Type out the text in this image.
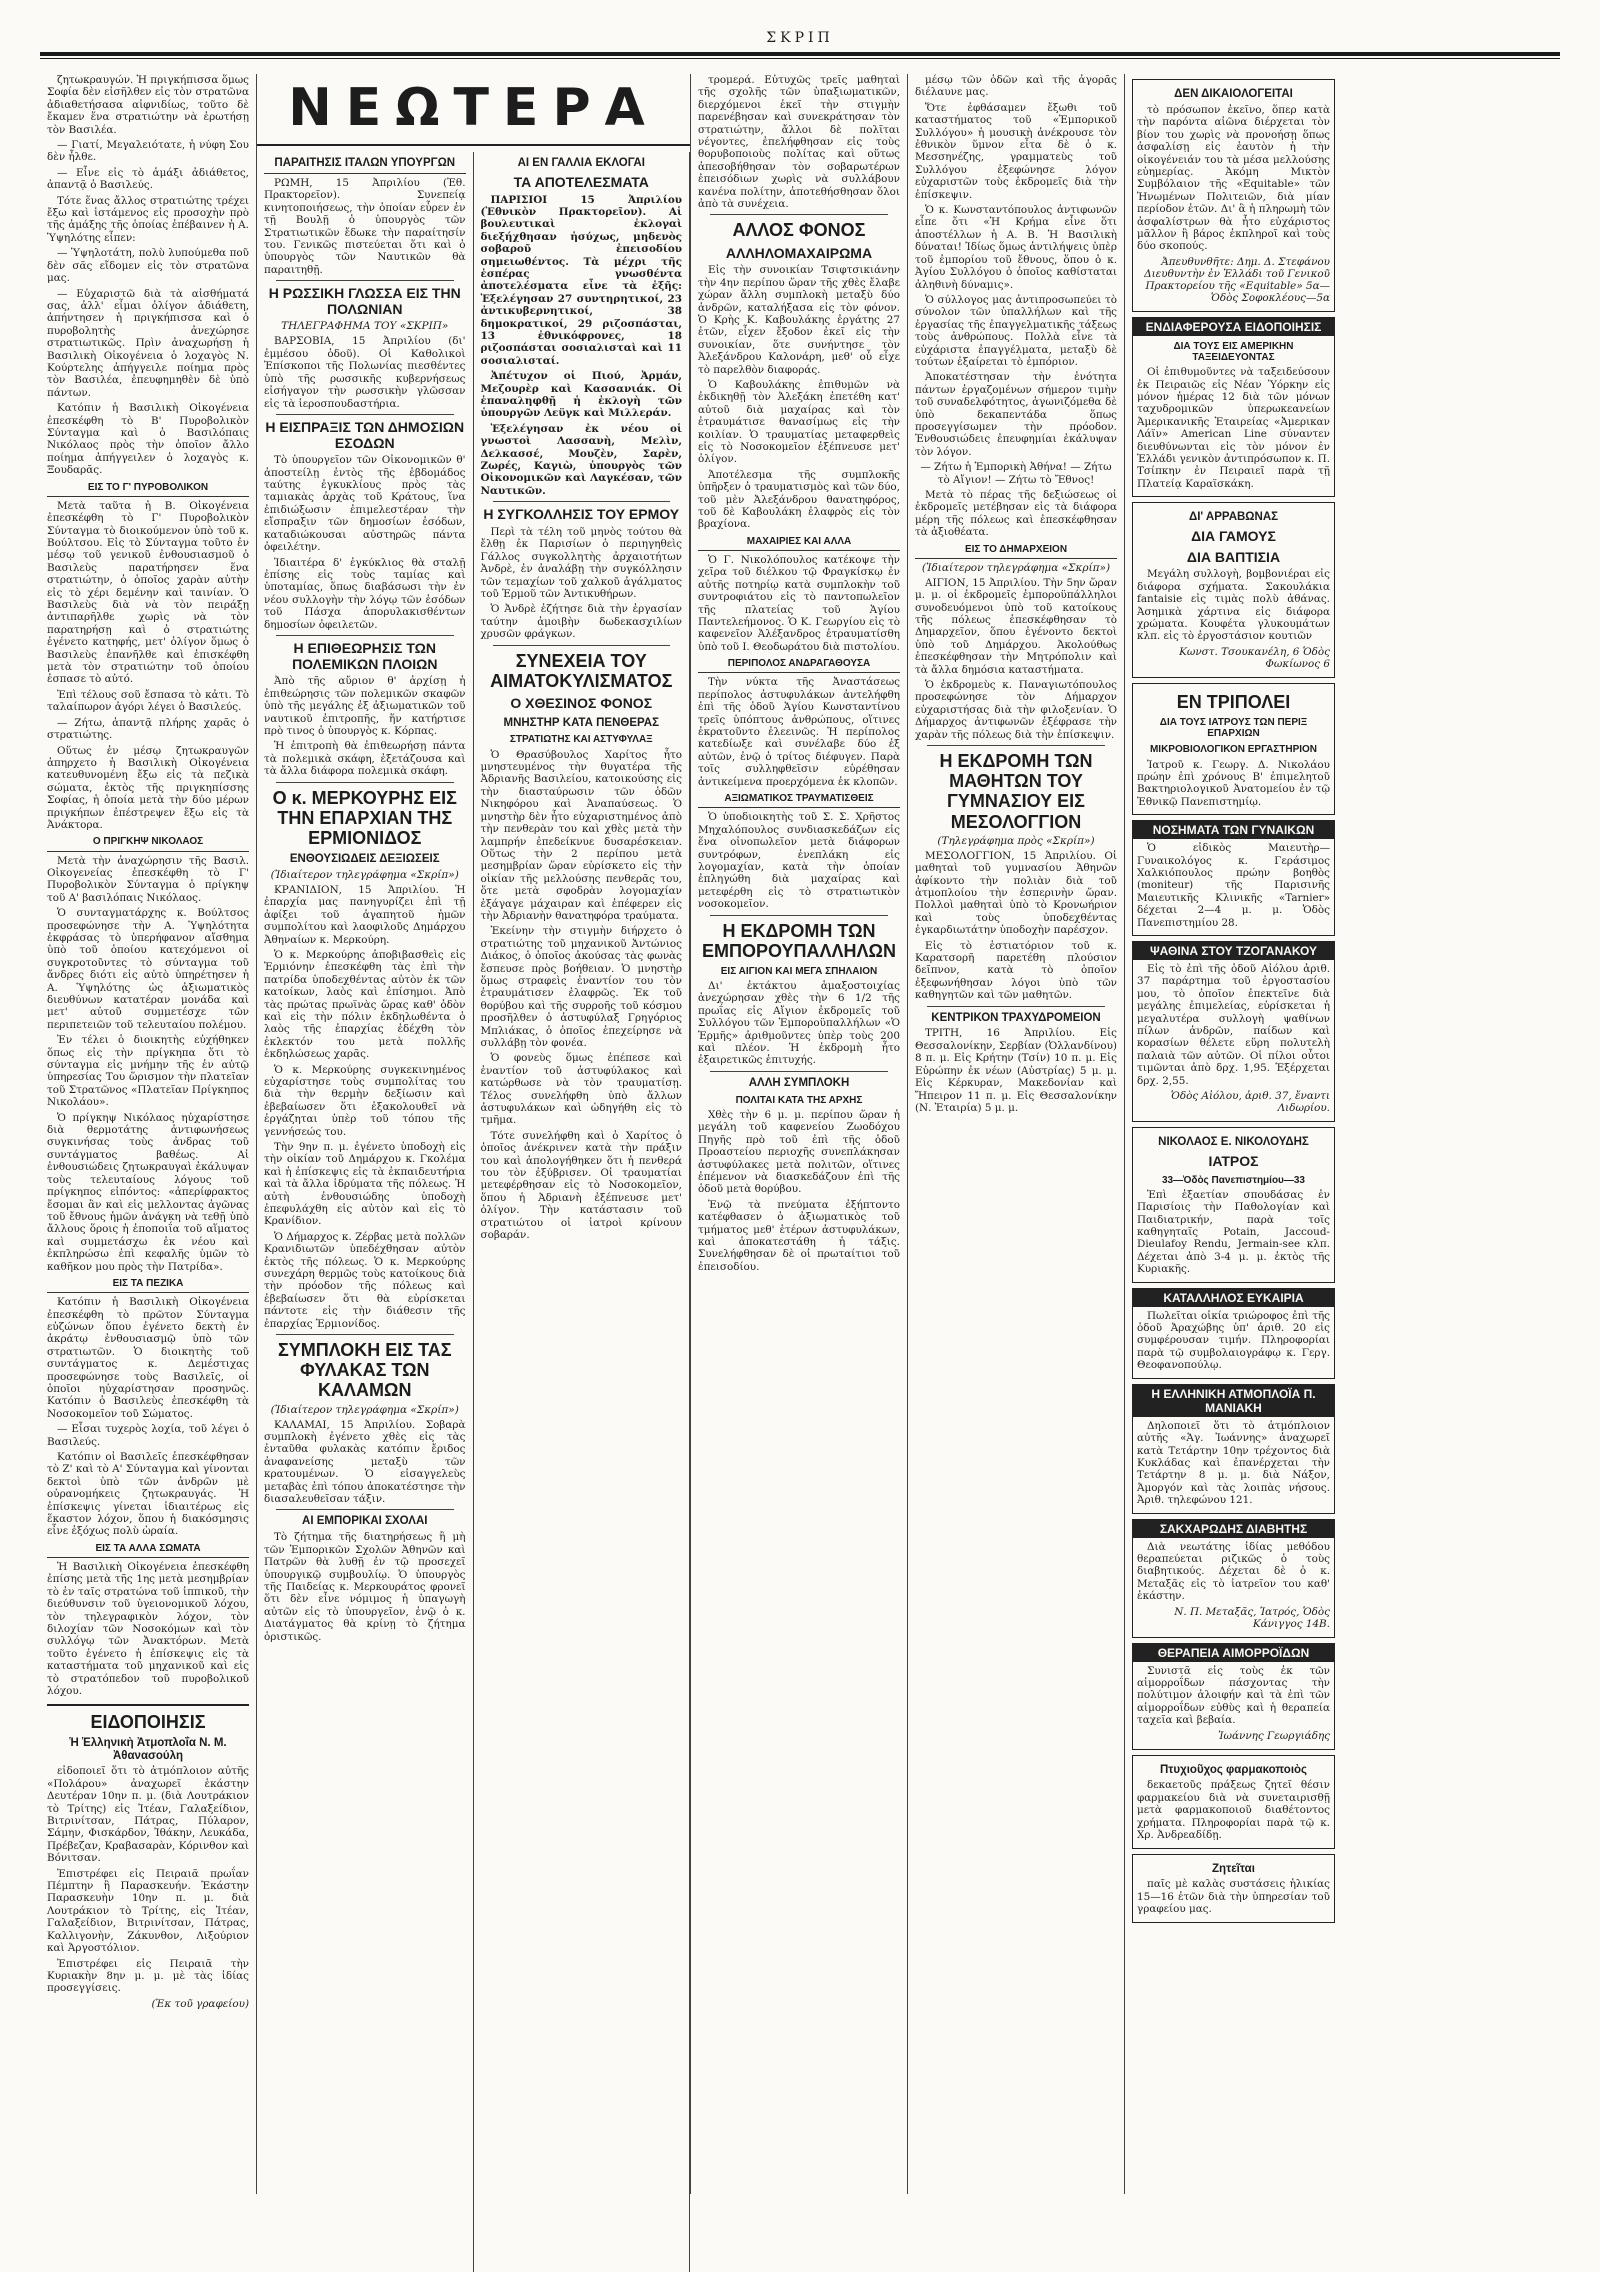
ΣΚΡΙΠ

ζητωκραυγών. Ἡ πριγκήπισσα ὅμως Σοφία δὲν εἰσῆλθεν εἰς τὸν στρατῶνα ἀδιαθετήσασα αἰφνιδίως, τοῦτο δὲ ἔκαμεν ἕνα στρατιώτην νὰ ἐρωτήσῃ τὸν Βασιλέα.

— Γιατί, Μεγαλειότατε, ἡ νύφη Σου δὲν ἦλθε.

— Εἶνε εἰς τὸ ἁμάξι ἀδιάθετος, ἀπαντᾷ ὁ Βασιλεύς.

Τότε ἕνας ἄλλος στρατιώτης τρέχει ἔξω καὶ ἱστάμενος εἰς προσοχὴν πρὸ τῆς ἁμάξης τῆς ὁποίας ἐπέβαινεν ἡ Α. Ὑψηλότης εἶπεν:

— Ὑψηλοτάτη, πολὺ λυπούμεθα ποῦ δὲν σᾶς εἴδομεν εἰς τὸν στρατῶνα μας.

— Εὐχαριστῶ διὰ τὰ αἰσθήματά σας, ἀλλ' εἶμαι ὀλίγον ἀδιάθετη, ἀπήντησεν ἡ πριγκήπισσα καὶ ὁ πυροβολητὴς ἀνεχώρησε στρατιωτικῶς. Πρὶν ἀναχωρήσῃ ἡ Βασιλικὴ Οἰκογένεια ὁ λοχαγὸς Ν. Κούρτελης ἀπήγγειλε ποίημα πρὸς τὸν Βασιλέα, ἐπευφημηθὲν δὲ ὑπὸ πάντων.

Κατόπιν ἡ Βασιλικὴ Οἰκογένεια ἐπεσκέφθη τὸ Β' Πυροβολικὸν Σύνταγμα καὶ ὁ Βασιλόπαις Νικόλαος πρὸς τὴν ὁποῖον ἄλλο ποίημα ἀπήγγειλεν ὁ λοχαγὸς κ. Ξουδαρᾶς.

ΕΙΣ ΤΟ Γ' ΠΥΡΟΒΟΛΙΚΟΝ

Μετὰ ταῦτα ἡ Β. Οἰκογένεια ἐπεσκέφθη τὸ Γ' Πυροβολικὸν Σύνταγμα τὸ διοικούμενον ὑπὸ τοῦ κ. Βούλτσου. Εἰς τὸ Σύνταγμα τοῦτο ἐν μέσῳ τοῦ γενικοῦ ἐνθουσιασμοῦ ὁ Βασιλεὺς παρατήρησεν ἕνα στρατιώτην, ὁ ὁποῖος χαρὰν αὐτὴν εἰς τὸ χέρι δεμένην καὶ ταινίαν. Ὁ Βασιλεὺς διὰ νὰ τὸν πειράξῃ ἀντιπαρῆλθε χωρὶς νὰ τὸν παρατηρήσῃ καὶ ὁ στρατιώτης ἐγένετο κατηφής, μετ' ὀλίγον ὅμως ὁ Βασιλεὺς ἐπανῆλθε καὶ ἐπισκέφθη μετὰ τὸν στρατιώτην τοῦ ὁποίου ἐσπασε τὸ αὐτό.

Ἐπὶ τέλους σοῦ ἔσπασα τὸ κἀτι. Τὸ ταλαίπωρον ἀγόρι λέγει ὁ Βασιλεύς.

— Ζήτω, ἀπαντᾷ πλήρης χαρᾶς ὁ στρατιώτης.

Οὕτως ἐν μέσῳ ζητωκραυγῶν ἀπηρχετο ἡ Βασιλικὴ Οἰκογένεια κατευθυνομένη ἔξω εἰς τὰ πεζικὰ σώματα, ἐκτὸς τῆς πριγκηπίσσης Σοφίας, ἡ ὁποία μετὰ τὴν δύο μέρων πριγκήπων ἐπέστρεψεν ἔξω εἰς τὰ Ἀνάκτορα.

Ο ΠΡΙΓΚΗΨ ΝΙΚΟΛΑΟΣ

Μετὰ τὴν ἀναχώρησιν τῆς Βασιλ. Οἰκογενείας ἐπεσκέφθη τὸ Γ' Πυροβολικὸν Σύνταγμα ὁ πρίγκηψ τοῦ Α' βασιλόπαις Νικόλαος.

Ὁ συνταγματάρχης κ. Βούλτσος προσεφώνησε τὴν Α. Ὑψηλότητα ἐκφράσας τὸ ὑπερήφανον αἴσθημα ὑπὸ τοῦ ὁποίου κατεχόμενοι οἱ συγκροτοῦντες τὸ σύνταγμα τοῦ ἄνδρες διότι εἰς αὐτὸ ὑπηρέτησεν ἡ Α. Ὑψηλότης ὡς ἀξιωματικὸς διευθύνων κατατέραν μονάδα καὶ μετ' αὐτοῦ συμμετέσχε τῶν περιπετειῶν τοῦ τελευταίου πολέμου.

Ἐν τέλει ὁ διοικητὴς εὐχήθηκεν ὅπως εἰς τὴν πρίγκηπα ὅτι τὸ σύνταγμα εἰς μνήμην τῆς ἐν αὐτῷ ὑπηρεσίας Του ὥρισμον τὴν πλατεῖαν τοῦ Στρατῶνος «Πλατεῖαν Πρίγκηπος Νικολάου».

Ὁ πρίγκηψ Νικόλαος ηὐχαρίστησε διὰ θερμοτάτης ἀντιφωνήσεως συγκινήσας τοὺς ἀνδρας τοῦ συντάγματος βαθέως. Αἱ ἐνθουσιώδεις ζητωκραυγαὶ ἐκάλυψαν τοὺς τελευταίους λόγους τοῦ πρίγκηπος εἰπόντος: «ἀπερίφρακτος ἔσομαι ἂν καὶ εἰς μελλοντας ἀγῶνας τοῦ ἔθνους ἡμῶν ἀνάγκη νὰ τεθῇ ὑπὸ ἄλλους ὅροις ἡ ἐποποιΐα τοῦ αἵματος καὶ συμμετάσχω ἐκ νέου καὶ ἐκπληρώσω ἐπὶ κεφαλῆς ὑμῶν τὸ καθῆκον μου πρὸς τὴν Πατρίδα».

ΕΙΣ ΤΑ ΠΕΖΙΚΑ

Κατόπιν ἡ Βασιλικὴ Οἰκογένεια ἐπεσκέφθη τὸ πρῶτον Σύνταγμα εὐζώνων ὅπου ἐγένετο δεκτὴ ἐν ἀκράτῳ ἐνθουσιασμῷ ὑπὸ τῶν στρατιωτῶν. Ὁ διοικητὴς τοῦ συντάγματος κ. Δεμέστιχας προσεφώνησε τοὺς Βασιλεῖς, οἱ ὁποῖοι ηὐχαρίστησαν προσηνῶς. Κατόπιν ὁ Βασιλεὺς ἐπεσκέφθη τὰ Νοσοκομεῖον τοῦ Σώματος.

— Εἶσαι τυχερὸς λοχία, τοῦ λέγει ὁ Βασιλεύς.

Κατόπιν οἱ Βασιλεῖς ἐπεσκέφθησαν τὸ Ζ' καὶ τὸ Α' Σύνταγμα καὶ γίνονται δεκτοὶ ὑπὸ τῶν ἀνδρῶν μὲ οὐρανομήκεις ζητωκραυγάς. Ἡ ἐπίσκεψις γίνεται ἰδιαιτέρως εἰς ἕκαστον λόχον, ὅπου ἡ διακόσμησις εἶνε ἐξόχως πολὺ ὡραία.

ΕΙΣ ΤΑ ΑΛΛΑ ΣΩΜΑΤΑ

Ἡ Βασιλικὴ Οἰκογένεια ἐπεσκέφθη ἐπίσης μετὰ τῆς 1ης μετὰ μεσημβρίαν τὸ ἐν ταῖς στρατώνα τοῦ ἱππικοῦ, τὴν διεύθυνσιν τοῦ ὑγειονομικοῦ λόχου, τὸν τηλεγραφικὸν λόχον, τὸν διλοχίαν τῶν Νοσοκόμων καὶ τὸν συλλόγῳ τῶν Ἀνακτόρων. Μετὰ τοῦτο ἐγένετο ἡ ἐπίσκεψις εἰς τὰ καταστήματα τοῦ μηχανικοῦ καὶ εἰς τὸ στρατόπεδον τοῦ πυροβολικοῦ λόχου.

ΕΙΔΟΠΟΙΗΣΙΣ
Ἡ Ἑλληνικὴ Ἀτμοπλοΐα Ν. Μ. Ἀθανασούλη

εἰδοποιεῖ ὅτι τὸ ἀτμόπλοιον αὐτῆς «Πολάρου» ἀναχωρεῖ ἑκάστην Δευτέραν 10ην π. μ. (διὰ Λουτράκιον τὸ Τρίτης) εἰς Ἰτέαν, Γαλαξείδιον, Βιτρινίτσαν, Πάτρας, Πύλαρον, Σάμην, Φισκάρδον, Ἰθάκην, Λευκάδα, Πρέβεζαν, Κραβασαρὰν, Κόρινθον καὶ Βόνιτσαν.

Ἐπιστρέφει εἰς Πειραιᾶ πρωΐαν Πέμπτην ἢ Παρασκευήν. Ἐκάστην Παρασκευὴν 10ην π. μ. διὰ Λουτράκιον τὸ Τρίτης, εἰς Ἰτέαν, Γαλαξείδιον, Βιτρινίτσαν, Πάτρας, Καλλιγονὴν, Ζάκυνθον, Λιξούριον καὶ Ἀργοστόλιον.

Ἐπιστρέφει εἰς Πειραιᾶ τὴν Κυριακὴν 8ην μ. μ. μὲ τὰς ἰδίας προσεγγίσεις.

(Ἐκ τοῦ γραφείου)
ΝΕΩΤΕΡΑ
ΠΑΡΑΙΤΗΣΙΣ ΙΤΑΛΩΝ ΥΠΟΥΡΓΩΝ

ΡΩΜΗ, 15 Ἀπριλίου (Ἐθ. Πρακτορεῖον). Συνεπείᾳ κινητοποιήσεως, τὴν ὁποίαν εὗρεν ἐν τῇ Βουλῇ ὁ ὑπουργὸς τῶν Στρατιωτικῶν ἔδωκε τὴν παραίτησίν του. Γενικῶς πιστεύεται ὅτι καὶ ὁ ὑπουργὸς τῶν Ναυτικῶν θὰ παραιτηθῇ.

Η ΡΩΣΣΙΚΗ ΓΛΩΣΣΑ ΕΙΣ ΤΗΝ ΠΟΛΩΝΙΑΝ
ΤΗΛΕΓΡΑΦΗΜΑ ΤΟΥ «ΣΚΡΙΠ»

ΒΑΡΣΟΒΙΑ, 15 Ἀπριλίου (δι' ἐμμέσου ὁδοῦ). Οἱ Καθολικοὶ Ἐπίσκοποι τῆς Πολωνίας πιεσθέντες ὑπὸ τῆς ρωσσικῆς κυβερνήσεως εἰσήγαγον τὴν ρωσσικὴν γλῶσσαν εἰς τὰ ἱεροσπουδαστήρια.

Η ΕΙΣΠΡΑΞΙΣ ΤΩΝ ΔΗΜΟΣΙΩΝ ΕΣΟΔΩΝ

Τὸ ὑπουργεῖον τῶν Οἰκονομικῶν θ' ἀποστείλῃ ἐντὸς τῆς ἑβδομάδος ταύτης ἐγκυκλίους πρὸς τὰς ταμιακὰς ἀρχὰς τοῦ Κράτους, ἵνα ἐπιδιώξωσιν ἐπιμελεστέραν τὴν εἴσπραξιν τῶν δημοσίων ἐσόδων, καταδιώκουσαι αὐστηρῶς πάντα ὀφειλέτην.

Ἰδιαιτέρα δ' ἐγκύκλιος θὰ σταλῇ ἐπίσης εἰς τοὺς ταμίας καὶ ὑποταμίας, ὅπως διαβάσωσι τὴν ἐν νέου συλλογὴν τὴν λόγῳ τῶν ἐσόδων τοῦ Πάσχα ἀπορυλακισθέντων δημοσίων ὀφειλετῶν.

Η ΕΠΙΘΕΩΡΗΣΙΣ ΤΩΝ ΠΟΛΕΜΙΚΩΝ ΠΛΟΙΩΝ

Ἀπὸ τῆς αὔριον θ' ἀρχίσῃ ἡ ἐπιθεώρησις τῶν πολεμικῶν σκαφῶν ὑπὸ τῆς μεγάλης ἐξ ἀξιωματικῶν τοῦ ναυτικοῦ ἐπιτροπῆς, ἥν κατήρτισε πρὸ τινος ὁ ὑπουργὸς κ. Κόρπας.

Ἡ ἐπιτροπὴ θὰ ἐπιθεωρήσῃ πάντα τὰ πολεμικὰ σκάφη, ἐξετάζουσα καὶ τὰ ἄλλα διάφορα πολεμικὰ σκάφη.

Ο κ. ΜΕΡΚΟΥΡΗΣ ΕΙΣ ΤΗΝ ΕΠΑΡΧΙΑΝ ΤΗΣ ΕΡΜΙΟΝΙΔΟΣ
ΕΝΘΟΥΣΙΩΔΕΙΣ ΔΕΞΙΩΣΕΙΣ
(Ἰδιαίτερον τηλεγράφημα «Σκρίπ»)

ΚΡΑΝΙΔΙΟΝ, 15 Ἀπριλίου. Ἡ ἐπαρχία μας πανηγυρίζει ἐπὶ τῇ ἀφίξει τοῦ ἀγαπητοῦ ἡμῶν συμπολίτου καὶ λαοφιλοῦς Δημάρχου Ἀθηναίων κ. Μερκούρη.

Ὁ κ. Μερκούρης ἀποβιβασθεὶς εἰς Ἑρμιόνην ἐπεσκέφθη τὰς ἐπὶ τὴν πατρίδα ὑποδεχθέντας αὐτὸν ἐκ τῶν κατοίκων, λαὸς καὶ ἐπίσημοι. Ἀπὸ τὰς πρώτας πρωϊνὰς ὥρας καθ' ὁδὸν καὶ εἰς τὴν πόλιν ἐκδηλωθέντα ὁ λαὸς τῆς ἐπαρχίας ἐδέχθη τὸν ἐκλεκτόν του μετὰ πολλῆς ἐκδηλώσεως χαρᾶς.

Ὁ κ. Μερκούρης συγκεκινημένος εὐχαρίστησε τοὺς συμπολίτας του διὰ τὴν θερμὴν δεξίωσιν καὶ ἐβεβαίωσεν ὅτι ἐξακολουθεῖ νὰ ἐργάζηται ὑπὲρ τοῦ τόπου τῆς γεννήσεώς του.

Τὴν 9ην π. μ. ἐγένετο ὑποδοχὴ εἰς τὴν οἰκίαν τοῦ Δημάρχου κ. Γκολέμα καὶ ἡ ἐπίσκεψις εἰς τὰ ἐκπαιδευτήρια καὶ τὰ ἄλλα ἱδρύματα τῆς πόλεως. Ἡ αὐτὴ ἐνθουσιώδης ὑποδοχὴ ἐπεφυλάχθη εἰς αὐτὸν καὶ εἰς τὸ Κρανίδιον.

Ὁ Δήμαρχος κ. Ζέρβας μετὰ πολλῶν Κρανιδιωτῶν ὑπεδέχθησαν αὐτὸν ἐκτὸς τῆς πόλεως. Ὁ κ. Μερκούρης συνεχάρη θερμῶς τοὺς κατοίκους διὰ τὴν πρόοδον τῆς πόλεως καὶ ἐβεβαίωσεν ὅτι θὰ εὑρίσκεται πάντοτε εἰς τὴν διάθεσιν τῆς ἐπαρχίας Ἑρμιονίδος.

ΣΥΜΠΛΟΚΗ ΕΙΣ ΤΑΣ ΦΥΛΑΚΑΣ ΤΩΝ ΚΑΛΑΜΩΝ
(Ἰδιαίτερον τηλεγράφημα «Σκρίπ»)

ΚΑΛΑΜΑΙ, 15 Ἀπριλίου. Σοβαρὰ συμπλοκὴ ἐγένετο χθὲς εἰς τὰς ἐνταῦθα φυλακὰς κατόπιν ἔριδος ἀναφανείσης μεταξὺ τῶν κρατουμένων. Ὁ εἰσαγγελεὺς μεταβὰς ἐπὶ τόπου ἀποκατέστησε τὴν διασαλευθεῖσαν τάξιν.

ΑΙ ΕΜΠΟΡΙΚΑΙ ΣΧΟΛΑΙ

Τὸ ζήτημα τῆς διατηρήσεως ἢ μὴ τῶν Ἐμπορικῶν Σχολῶν Ἀθηνῶν καὶ Πατρῶν θὰ λυθῇ ἐν τῷ προσεχεῖ ὑπουργικῷ συμβουλίῳ. Ὁ ὑπουργὸς τῆς Παιδείας κ. Μερκουράτος φρονεῖ ὅτι δὲν εἶνε νόμιμος ἡ ὑπαγωγὴ αὐτῶν εἰς τὸ ὑπουργεῖον, ἐνῷ ὁ κ. Διατάγματος θὰ κρίνῃ τὸ ζήτημα ὁριστικῶς.

ΑΙ ΕΝ ΓΑΛΛΙΑ ΕΚΛΟΓΑΙ
ΤΑ ΑΠΟΤΕΛΕΣΜΑΤΑ

ΠΑΡΙΣΙΟΙ 15 Ἀπριλίου (Ἐθνικὸν Πρακτορεῖον). Αἱ βουλευτικαὶ ἐκλογαὶ διεξήχθησαν ἡσύχως, μηδενὸς σοβαροῦ ἐπεισοδίου σημειωθέντος. Τὰ μέχρι τῆς ἑσπέρας γνωσθέντα ἀποτελέσματα εἶνε τὰ ἑξῆς: Ἐξελέγησαν 27 συντηρητικοί, 23 ἀντικυβερνητικοί, 38 δημοκρατικοί, 29 ριζοσπάσται, 13 ἐθνικόφρονες, 18 ριζοσπάσται σοσιαλισταὶ καὶ 11 σοσιαλισταί.

Ἀπέτυχον οἱ Πιού, Ἀρμάν, Μεζουρὲρ καὶ Κασσανιάκ. Οἱ ἐπαναληφθῇ ἡ ἐκλογὴ τῶν ὑπουργῶν Λεϋγκ καὶ Μιλλεράν.

Ἐξελέγησαν ἐκ νέου οἱ γνωστοὶ Λασσανὴ, Μελὶν, Δελκασσέ, Μουζὲν, Σαρὲν, Ζωρές, Καγιὼ, ὑπουργὸς τῶν Οἰκονομικῶν καὶ Λαγκέσαν, τῶν Ναυτικῶν.

Η ΣΥΓΚΟΛΛΗΣΙΣ ΤΟΥ ΕΡΜΟΥ

Περὶ τὰ τέλη τοῦ μηνὸς τούτου θὰ ἔλθῃ ἐκ Παρισίων ὁ περιηγηθεὶς Γάλλος συγκολλητὴς ἀρχαιοτήτων Ἀνδρὲ, ἐν ἀναλάβῃ τὴν συγκόλλησιν τῶν τεμαχίων τοῦ χαλκοῦ ἀγάλματος τοῦ Ἑρμοῦ τῶν Ἀντικυθήρων.

Ὁ Ἀνδρὲ ἐζήτησε διὰ τὴν ἐργασίαν ταύτην ἀμοιβὴν δωδεκασχιλίων χρυσῶν φράγκων.

ΣΥΝΕΧΕΙΑ ΤΟΥ ΑΙΜΑΤΟΚΥΛΙΣΜΑΤΟΣ
Ο ΧΘΕΣΙΝΟΣ ΦΟΝΟΣ
ΜΝΗΣΤΗΡ ΚΑΤΑ ΠΕΝΘΕΡΑΣ
ΣΤΡΑΤΙΩΤΗΣ ΚΑΙ ΑΣΤΥΦΥΛΑΞ

Ὁ Θρασύβουλος Χαρίτος ἦτο μνηστευμένος τὴν θυγατέρα τῆς Ἀδριανῆς Βασιλείου, κατοικούσης εἰς τὴν διασταύρωσιν τῶν ὁδῶν Νικηφόρου καὶ Ἀναπαύσεως. Ὁ μνηστὴρ δὲν ἦτο εὐχαριστημένος ἀπὸ τὴν πενθερὰν του καὶ χθὲς μετὰ τὴν λαμπρήν ἐπεδείκνυε δυσαρέσκειαν. Οὕτως τὴν 2 περίπου μετὰ μεσημβρίαν ὥραν εὑρίσκετο εἰς τὴν οἰκίαν τῆς μελλούσης πενθερᾶς του, ὅτε μετὰ σφοδρὰν λογομαχίαν ἐξάγαγε μάχαιραν καὶ ἐπέφερεν εἰς τὴν Ἀδριανὴν θανατηφόρα τραύματα.

Ἐκείνην τὴν στιγμὴν διήρχετο ὁ στρατιώτης τοῦ μηχανικοῦ Ἀντώνιος Διάκος, ὁ ὁποῖος ἀκούσας τὰς φωνὰς ἔσπευσε πρὸς βοήθειαν. Ὁ μνηστὴρ ὅμως στραφεὶς ἐναντίον του τὸν ἐτραυμάτισεν ἐλαφρῶς. Ἐκ τοῦ θορύβου καὶ τῆς συρροῆς τοῦ κόσμου προσῆλθεν ὁ ἀστυφύλαξ Γρηγόριος Μπλιάκας, ὁ ὁποῖος ἐπεχείρησε νὰ συλλάβῃ τὸν φονέα.

Ὁ φονεὺς ὅμως ἐπέπεσε καὶ ἐναντίον τοῦ ἀστυφύλακος καὶ κατώρθωσε νὰ τὸν τραυματίσῃ. Τέλος συνελήφθη ὑπὸ ἄλλων ἀστυφυλάκων καὶ ὡδηγήθη εἰς τὸ τμῆμα.

Τότε συνελήφθη καὶ ὁ Χαρίτος ὁ ὁποῖος ἀνέκρινεν κατὰ τὴν πράξιν του καὶ ἀπολογήθηκεν ὅτι ἡ πενθερά του τὸν ἐξύβρισεν. Οἱ τραυματίαι μετεφέρθησαν εἰς τὸ Νοσοκομεῖον, ὅπου ἡ Ἀδριανὴ ἐξέπνευσε μετ' ὀλίγον. Τὴν κατάστασιν τοῦ στρατιώτου οἱ ἰατροὶ κρίνουν σοβαράν.

τρομερά. Εὐτυχῶς τρεῖς μαθηταὶ τῆς σχολῆς τῶν ὑπαξιωματικῶν, διερχόμενοι ἐκεῖ τὴν στιγμὴν παρενέβησαν καὶ συνεκράτησαν τὸν στρατιώτην, ἄλλοι δὲ πολῖται νέγοντες, ἐπελήφθησαν εἰς τοὺς θορυβοποιοὺς πολίτας καὶ οὕτως ἀπεσοβήθησαν τὸν σοβαρωτέρων ἐπεισόδιων χωρὶς νὰ συλλάβουν κανένα πολίτην, ἀποτεθήσθησαν ὅλοι ἀπὸ τὰ συνέχεια.

ΑΛΛΟΣ ΦΟΝΟΣ
ΑΛΛΗΛΟΜΑΧΑΙΡΩΜΑ

Εἰς τὴν συνοικίαν Τσιφτσικιάνην τὴν 4ην περίπου ὥραν τῆς χθὲς ἔλαβε χώραν ἄλλη συμπλοκὴ μεταξὺ δύο ἀνδρῶν, καταλήξασα εἰς τὸν φόνον. Ὁ Κρὴς Κ. Καβουλάκης ἐργάτης 27 ἐτῶν, εἶχεν ἔξοδον ἐκεῖ εἰς τὴν συνοικίαν, ὅτε συνήντησε τὸν Ἀλεξάνδρου Καλονάρη, μεθ' οὗ εἶχε τὸ παρελθὸν διαφοράς.

Ὁ Καβουλάκης ἐπιθυμῶν νὰ ἐκδικηθῇ τὸν Ἀλεξάκη ἐπετέθη κατ' αὐτοῦ διὰ μαχαίρας καὶ τὸν ἐτραυμάτισε θανασίμως εἰς τὴν κοιλίαν. Ὁ τραυματίας μεταφερθεὶς εἰς τὸ Νοσοκομεῖον ἐξέπνευσε μετ' ὀλίγον.

Ἀποτέλεσμα τῆς συμπλοκῆς ὑπῆρξεν ὁ τραυματισμὸς καὶ τῶν δύο, τοῦ μὲν Ἀλεξάνδρου θανατηφόρος, τοῦ δὲ Καβουλάκη ἐλαφρὸς εἰς τὸν βραχίονα.

ΜΑΧΑΙΡΙΕΣ ΚΑΙ ΑΛΛΑ

Ὁ Γ. Νικολόπουλος κατέκοψε τὴν χεῖρα τοῦ διέλκου τῷ Φραγκίσκῳ ἐν αὐτῆς ποτηρίῳ κατὰ συμπλοκὴν τοῦ συντροφιάτου εἰς τὸ παντοπωλεῖον τῆς πλατείας τοῦ Ἁγίου Παντελεήμονος. Ὁ Κ. Γεωργίου εἰς τὸ καφενεῖον Ἀλέξανδρος ἐτραυματίσθη ὑπὸ τοῦ Ι. Θεοδωράτου διὰ πιστολίου.

ΠΕΡΙΠΟΛΟΣ ΑΝΔΡΑΓΑΘΟΥΣΑ

Τὴν νύκτα τῆς Ἀναστάσεως περίπολος ἀστυφυλάκων ἀντελήφθη ἐπὶ τῆς ὁδοῦ Ἁγίου Κωνσταντίνου τρεῖς ὑπόπτους ἀνθρώπους, οἵτινες ἐκρατοῦντο ἐλεεινῶς. Ἡ περίπολος κατεδίωξε καὶ συνέλαβε δύο ἐξ αὐτῶν, ἐνῷ ὁ τρίτος διέφυγεν. Παρὰ τοῖς συλληφθεῖσιν εὑρέθησαν ἀντικείμενα προερχόμενα ἐκ κλοπῶν.

ΑΞΙΩΜΑΤΙΚΟΣ ΤΡΑΥΜΑΤΙΣΘΕΙΣ

Ὁ ὑποδιοικητὴς τοῦ Σ. Σ. Χρῆστος Μηχαλόπουλος συνδιασκεδάζων εἰς ἕνα οἰνοπωλεῖον μετὰ διάφορων συντρόφων, ἐνεπλάκη εἰς λογομαχίαν, κατὰ τὴν ὁποίαν ἐπληγώθη διὰ μαχαίρας καὶ μετεφέρθη εἰς τὸ στρατιωτικὸν νοσοκομεῖον.

Η ΕΚΔΡΟΜΗ ΤΩΝ ΕΜΠΟΡΟΥΠΑΛΛΗΛΩΝ
ΕΙΣ ΑΙΓΙΟΝ ΚΑΙ ΜΕΓΑ ΣΠΗΛΑΙΟΝ

Δι' ἐκτάκτου ἁμαξοστοιχίας ἀνεχώρησαν χθὲς τὴν 6 1/2 τῆς πρωΐας εἰς Αἴγιον ἐκδρομεῖς τοῦ Συλλόγου τῶν Ἐμποροϋπαλλήλων «Ὁ Ἑρμῆς» ἀριθμοῦντες ὑπὲρ τοὺς 200 καὶ πλέον. Ἡ ἐκδρομὴ ἦτο ἐξαιρετικῶς ἐπιτυχής.

ΑΛΛΗ ΣΥΜΠΛΟΚΗ
ΠΟΛΙΤΑΙ ΚΑΤΑ ΤΗΣ ΑΡΧΗΣ

Χθὲς τὴν 6 μ. μ. περίπου ὥραν ἡ μεγάλη τοῦ καφενείου Ζωοδόχου Πηγῆς πρὸ τοῦ ἐπὶ τῆς ὁδοῦ Προαστείου περιοχῆς συνεπλάκησαν ἀστυφύλακες μετὰ πολιτῶν, οἵτινες ἐπέμενον νὰ διασκεδάζουν ἐπὶ τῆς ὁδοῦ μετὰ θορύβου.

Ἐνῷ τὰ πνεύματα ἐξήπτοντο κατέφθασεν ὁ ἀξιωματικὸς τοῦ τμήματος μεθ' ἑτέρων ἀστυφυλάκων, καὶ ἀποκατεστάθη ἡ τάξις. Συνελήφθησαν δὲ οἱ πρωταίτιοι τοῦ ἐπεισοδίου.

μέσῳ τῶν ὁδῶν καὶ τῆς ἀγορᾶς διέλαυνε μας.

Ὅτε ἐφθάσαμεν ἔξωθι τοῦ καταστήματος τοῦ «Ἐμπορικοῦ Συλλόγου» ἡ μουσικὴ ἀνέκρουσε τὸν ἐθνικὸν ὕμνον εἶτα δὲ ὁ κ. Μεσσηνέζης, γραμματεὺς τοῦ Συλλόγου ἐξεφώνησε λόγον εὐχαριστῶν τοὺς ἐκδρομεῖς διὰ τὴν ἐπίσκεψιν.

Ὁ κ. Κωνσταντόπουλος ἀντιφωνῶν εἶπε ὅτι «Ἡ Κρήμα εἶνε ὅτι ἀποστέλλων ἡ Α. Β. Ἡ Βασιλικὴ δύναται! Ἰδίως ὅμως ἀντιλήψεις ὑπὲρ τοῦ ἐμπορίου τοῦ ἔθνους, ὅπου ὁ κ. Ἀγίου Συλλόγου ὁ ὁποῖος καθίσταται ἀληθινὴ δύναμις».

Ὁ σύλλογος μας ἀντιπροσωπεύει τὸ σύνολον τῶν ὑπαλλήλων καὶ τῆς ἐργασίας τῆς ἐπαγγελματικῆς τάξεως τοὺς ἀνθρώπους. Πολλὰ εἶνε τὰ εὐχάριστα ἐπαγγέλματα, μεταξὺ δὲ τούτων ἐξαίρεται τὸ ἐμπόριον.

Ἀποκατέστησαν τὴν ἑνότητα πάντων ἐργαζομένων σήμερον τιμὴν τοῦ συναδελφότητος, ἀγωνιζόμεθα δὲ ὑπὸ δεκαπεντάδα ὅπως προσεγγίσωμεν τὴν πρόοδον. Ἐνθουσιώδεις ἐπευφημίαι ἐκάλυψαν τὸν λόγον.

— Ζήτω ἡ Ἐμπορικὴ Ἀθήνα! — Ζήτω τὸ Αἴγιον! — Ζήτω τὸ Ἔθνος!

Μετὰ τὸ πέρας τῆς δεξιώσεως οἱ ἐκδρομεῖς μετέβησαν εἰς τὰ διάφορα μέρη τῆς πόλεως καὶ ἐπεσκέφθησαν τὰ ἀξιοθέατα.

ΕΙΣ ΤΟ ΔΗΜΑΡΧΕΙΟΝ
(Ἰδιαίτερον τηλεγράφημα «Σκρίπ»)

ΑΙΓΙΟΝ, 15 Ἀπριλίου. Τὴν 5ην ὥραν μ. μ. οἱ ἐκδρομεῖς ἐμποροϋπάλληλοι συνοδευόμενοι ὑπὸ τοῦ κατοίκους τῆς πόλεως ἐπεσκέφθησαν τὸ Δημαρχεῖον, ὅπου ἐγένοντο δεκτοὶ ὑπὸ τοῦ Δημάρχου. Ἀκολούθως ἐπεσκέφθησαν τὴν Μητρόπολιν καὶ τὰ ἄλλα δημόσια καταστήματα.

Ὁ ἐκδρομεὺς κ. Παναγιωτόπουλος προσεφώνησε τὸν Δήμαρχον εὐχαριστήσας διὰ τὴν φιλοξενίαν. Ὁ Δήμαρχος ἀντιφωνῶν ἐξέφρασε τὴν χαρὰν τῆς πόλεως διὰ τὴν ἐπίσκεψιν.

Η ΕΚΔΡΟΜΗ ΤΩΝ ΜΑΘΗΤΩΝ ΤΟΥ ΓΥΜΝΑΣΙΟΥ ΕΙΣ ΜΕΣΟΛΟΓΓΙΟΝ
(Τηλεγράφημα πρὸς «Σκρίπ»)

ΜΕΣΟΛΟΓΓΙΟΝ, 15 Ἀπριλίου. Οἱ μαθηταὶ τοῦ γυμνασίου Ἀθηνῶν ἀφίκοντο τὴν πολιὰν διὰ τοῦ ἀτμοπλοίου τὴν ἐσπερινὴν ὥραν. Πολλοὶ μαθηταὶ ὑπὸ τὸ Κρονωήριον καὶ τοὺς ὑποδεχθέντας ἐγκαρδιωτάτην ὑποδοχὴν παρέσχον.

Εἰς τὸ ἑστιατόριον τοῦ κ. Καρατσορῆ παρετέθη πλούσιον δεῖπνον, κατὰ τὸ ὁποῖον ἐξεφωνήθησαν λόγοι ὑπὸ τῶν καθηγητῶν καὶ τῶν μαθητῶν.

ΚΕΝΤΡΙΚΟΝ ΤΡΑΧΥΔΡΟΜΕΙΟΝ

ΤΡΙΤΗ, 16 Ἀπριλίου. Εἰς Θεσσαλονίκην, Σερβίαν (Ὀλλανδίνου) 8 π. μ. Εἰς Κρήτην (Τσίν) 10 π. μ. Εἰς Εὐρώπην ἐκ νέων (Αὐστρίας) 5 μ. μ. Εἰς Κέρκυραν, Μακεδονίαν καὶ Ἤπειρον 11 π. μ. Εἰς Θεσσαλονίκην (Ν. Ἑταιρία) 5 μ. μ.

ΔΕΝ ΔΙΚΑΙΟΛΟΓΕΙΤΑΙ

τὸ πρόσωπον ἐκεῖνο, ὅπερ κατὰ τὴν παρόντα αἰῶνα διέρχεται τὸν βίον του χωρὶς νὰ προνοήσῃ ὅπως ἀσφαλίσῃ εἰς ἑαυτὸν ἡ τὴν οἰκογένειάν του τὰ μέσα μελλούσης εὐημερίας. Ἀκόμη Μικτὸν Συμβόλαιον τῆς «Equitable» τῶν Ἡνωμένων Πολιτειῶν, διὰ μίαν περίοδον ἐτῶν. Δι' ἃ ἡ πληρωμὴ τῶν ἀσφαλίστρων θὰ ἦτο εὐχάριστος μᾶλλον ἢ βάρος ἐκπληροῖ καὶ τοὺς δύο σκοπούς.

Ἀπευθυνθῆτε: Δημ. Δ. Στεφάνου Διευθυντὴν ἐν Ἑλλάδι τοῦ Γενικοῦ Πρακτορείου τῆς «Equitable» 5α—Ὁδὸς Σοφοκλέους—5α
ΕΝΔΙΑΦΕΡΟΥΣΑ ΕΙΔΟΠΟΙΗΣΙΣ
ΔΙΑ ΤΟΥΣ ΕΙΣ ΑΜΕΡΙΚΗΝ ΤΑΞΕΙΔΕΥΟΝΤΑΣ

Οἱ ἐπιθυμοῦντες νὰ ταξειδεύσουν ἐκ Πειραιῶς εἰς Νέαν Ὑόρκην εἰς μόνον ἡμέρας 12 διὰ τῶν μόνων ταχυδρομικῶν ὑπερωκεανείων Ἀμερικανικῆς Ἑταιρείας «Ἀμερικαν Λάϊν» American Line σύναντεν διευθύνωνται εἰς τὸν μόνον ἐν Ἑλλάδι γενικὸν ἀντιπρόσωπον κ. Π. Τσίπκην ἐν Πειραιεῖ παρὰ τῇ Πλατείᾳ Καραϊσκάκη.

ΔΙ' ΑΡΡΑΒΩΝΑΣ
ΔΙΑ ΓΑΜΟΥΣ
ΔΙΑ ΒΑΠΤΙΣΙΑ

Μεγάλη συλλογὴ, βομβονιέραι εἰς διάφορα σχήματα. Σακουλάκια fantaisie εἰς τιμὰς πολὺ ἀθάνας. Ἀσημικὰ χάρτινα εἰς διάφορα χρώματα. Κουφέτα γλυκουμάτων κλπ. εἰς τὸ ἐργοστάσιον κουτιῶν

Κωνστ. Τσουκανέλη, 6 Ὁδὸς Φωκίωνος 6
ΕΝ ΤΡΙΠΟΛΕΙ
ΔΙΑ ΤΟΥΣ ΙΑΤΡΟΥΣ ΤΩΝ ΠΕΡΙΞ ΕΠΑΡΧΙΩΝ
ΜΙΚΡΟΒΙΟΛΟΓΙΚΟΝ ΕΡΓΑΣΤΗΡΙΟΝ

Ἰατροῦ κ. Γεωργ. Δ. Νικολάου πρώην ἐπὶ χρόνους Β' ἐπιμελητοῦ Βακτηριολογικοῦ Ἀνατομείου ἐν τῷ Ἐθνικῷ Πανεπιστημίῳ.

ΝΟΣΗΜΑΤΑ ΤΩΝ ΓΥΝΑΙΚΩΝ

Ὁ εἰδικὸς Μαιευτὴρ—Γυναικολόγος κ. Γεράσιμος Χαλκιόπουλος πρώην βοηθὸς (moniteur) τῆς Παρισινῆς Μαιευτικῆς Κλινικῆς «Tarnier» δέχεται 2—4 μ. μ. Ὁδὸς Πανεπιστημίου 28.

ΨΑΘΙΝΑ ΣΤΟΥ ΤΖΟΓΑΝΑΚΟΥ

Εἰς τὸ ἐπὶ τῆς ὁδοῦ Αἰόλου ἀριθ. 37 παράρτημα τοῦ ἐργοστασίου μου, τὸ ὁποῖον ἐπεκτεῖνε διὰ μεγάλης ἐπιμελείας, εὑρίσκεται ἡ μεγαλυτέρα συλλογὴ ψαθίνων πίλων ἀνδρῶν, παίδων καὶ κορασίων θέλετε εὕρη πολυτελὴ παλαιὰ τῶν αὐτῶν. Οἱ πίλοι οὗτοι τιμῶνται ἀπὸ δρχ. 1,95. Ἐξέρχεται δρχ. 2,55.

Ὁδὸς Αἰόλου, ἀριθ. 37, ἔναντι Λιδωρίου.
ΝΙΚΟΛΑΟΣ Ε. ΝΙΚΟΛΟΥΔΗΣ
ΙΑΤΡΟΣ
33—Ὁδὸς Πανεπιστημίου—33

Ἐπὶ ἐξαετίαν σπουδάσας ἐν Παρισίοις τὴν Παθολογίαν καὶ Παιδιατρικήν, παρὰ τοῖς καθηγηταῖς Potain, Jaccoud-Dieulafoy Rendu, Jermain-see κλπ. Δέχεται ἀπὸ 3-4 μ. μ. ἐκτὸς τῆς Κυριακῆς.

ΚΑΤΑΛΛΗΛΟΣ ΕΥΚΑΙΡΙΑ

Πωλεῖται οἰκία τριώροφος ἐπὶ τῆς ὁδοῦ Ἀραχώβης ὑπ' ἀριθ. 20 εἰς συμφέρουσαν τιμήν. Πληροφορίαι παρὰ τῷ συμβολαιογράφῳ κ. Γεργ. Θεοφανοπούλῳ.

Η ΕΛΛΗΝΙΚΗ ΑΤΜΟΠΛΟΪΑ Π. ΜΑΝΙΑΚΗ

Δηλοποιεῖ ὅτι τὸ ἀτμόπλοιον αὐτῆς «Ἁγ. Ἰωάννης» ἀναχωρεῖ κατὰ Τετάρτην 10ην τρέχοντος διὰ Κυκλάδας καὶ ἐπανέρχεται τὴν Τετάρτην 8 μ. μ. διὰ Νάξον, Ἀμοργόν καὶ τὰς λοιπὰς νήσους. Ἀριθ. τηλεφώνου 121.

ΣΑΚΧΑΡΩΔΗΣ ΔΙΑΒΗΤΗΣ

Διὰ νεωτάτης ἰδίας μεθόδου θεραπεύεται ριζικῶς ὁ τοὺς διαβητικούς. Δέχεται δὲ ὁ κ. Μεταξᾶς εἰς τὸ ἰατρεῖον του καθ' ἑκάστην.

Ν. Π. Μεταξᾶς, Ἰατρός, Ὁδὸς Κάνιγγος 14Β.
ΘΕΡΑΠΕΙΑ ΑΙΜΟΡΡΟΪΔΩΝ

Συνιστᾶ εἰς τοὺς ἐκ τῶν αἱμορροΐδων πάσχοντας τὴν πολύτιμον ἀλοιφήν καὶ τὰ ἐπὶ τῶν αἱμορροΐδων εὐθὺς καὶ ἡ θεραπεία ταχεῖα καὶ βεβαία.

Ἰωάννης Γεωργιάδης
Πτυχιοῦχος φαρμακοποιὸς

δεκαετοῦς πράξεως ζητεῖ θέσιν φαρμακείου διὰ νὰ συνεταιρισθῇ μετὰ φαρμακοποιοῦ διαθέτοντος χρήματα. Πληροφορίαι παρὰ τῷ κ. Χρ. Ἀνδρεαδίδῃ.

Ζητεῖται

παῖς μὲ καλὰς συστάσεις ἡλικίας 15—16 ἐτῶν διὰ τὴν ὑπηρεσίαν τοῦ γραφείου μας.
